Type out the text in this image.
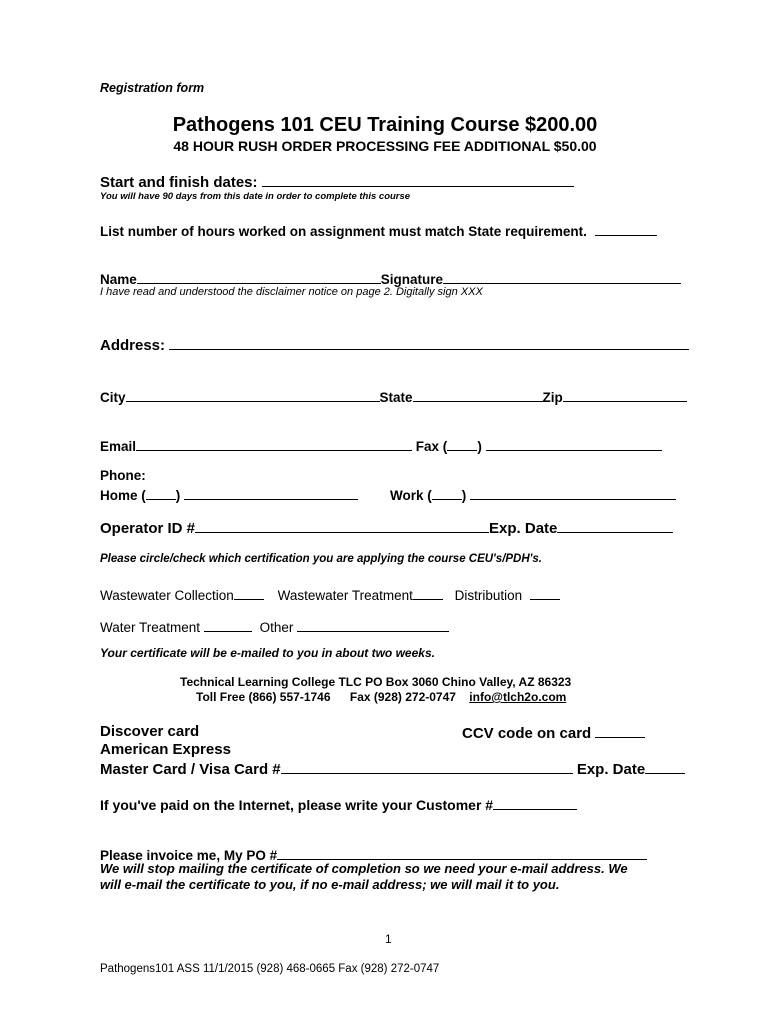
Registration form
Pathogens 101 CEU Training Course $200.00
48 HOUR RUSH ORDER PROCESSING FEE ADDITIONAL $50.00
Start and finish dates:
You will have 90 days from this date in order to complete this course
List number of hours worked on assignment must match State requirement.
Name	Signature
I have read and understood the disclaimer notice on page 2. Digitally sign XXX
Address:
City	State	Zip
Email	Fax ( )
Phone:
Home ( )	Work ( )
Operator ID #	Exp. Date
Please circle/check which certification you are applying the course CEU's/PDH's.
Wastewater Collection	Wastewater Treatment	Distribution
Water Treatment	Other
Your certificate will be e-mailed to you in about two weeks.
Technical Learning College TLC PO Box 3060 Chino Valley, AZ 86323
Toll Free (866) 557-1746 Fax (928) 272-0747 info@tlch2o.com
Discover card	CCV code on card
American Express
Master Card / Visa Card #	Exp. Date
If you've paid on the Internet, please write your Customer #
Please invoice me, My PO #
We will stop mailing the certificate of completion so we need your e-mail address. We
will e-mail the certificate to you, if no e-mail address; we will mail it to you.
1
Pathogens101 ASS 11/1/2015 (928) 468-0665 Fax (928) 272-0747
